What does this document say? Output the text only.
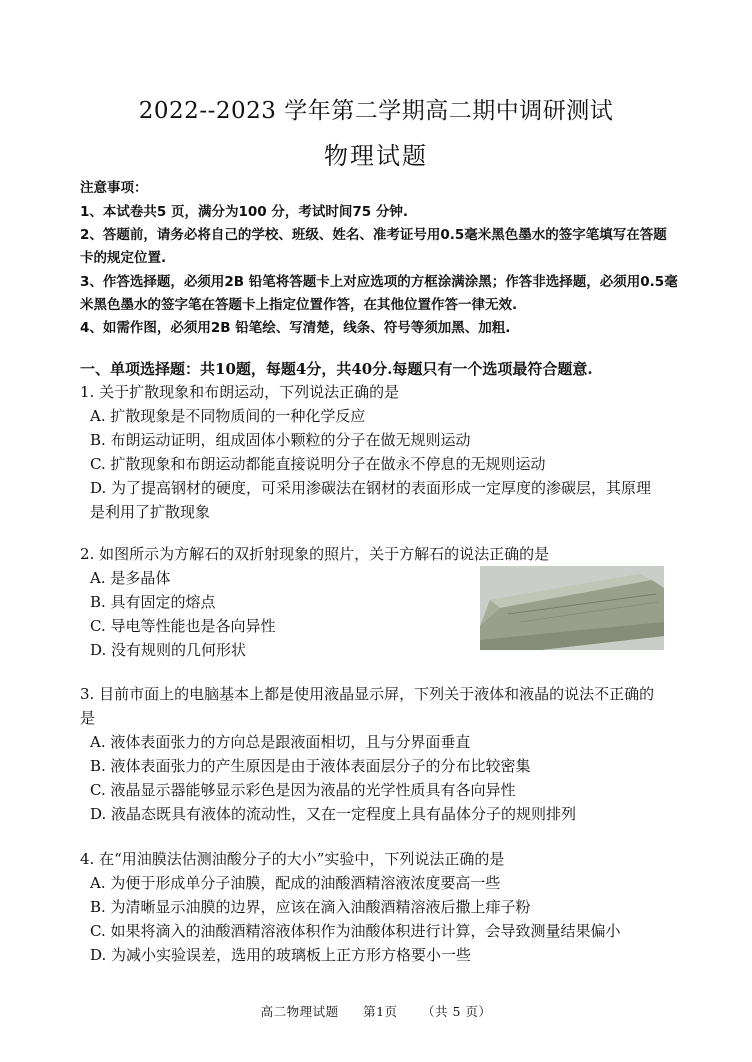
2022--2023 学年第二学期高二期中调研测试
物理试题
注意事项：
1、本试卷共5 页，满分为100 分，考试时间75 分钟.
2、答题前，请务必将自己的学校、班级、姓名、准考证号用0.5毫米黑色墨水的签字笔填写在答题
卡的规定位置.
3、作答选择题，必须用2B 铅笔将答题卡上对应选项的方框涂满涂黑；作答非选择题，必须用0.5毫
米黑色墨水的签字笔在答题卡上指定位置作答，在其他位置作答一律无效.
4、如需作图，必须用2B 铅笔绘、写清楚，线条、符号等须加黑、加粗.
一、单项选择题：共10题，每题4分，共40分.每题只有一个选项最符合题意.
1. 关于扩散现象和布朗运动，下列说法正确的是
A. 扩散现象是不同物质间的一种化学反应
B. 布朗运动证明，组成固体小颗粒的分子在做无规则运动
C. 扩散现象和布朗运动都能直接说明分子在做永不停息的无规则运动
D. 为了提高钢材的硬度，可采用渗碳法在钢材的表面形成一定厚度的渗碳层，其原理
是利用了扩散现象
2. 如图所示为方解石的双折射现象的照片，关于方解石的说法正确的是
A. 是多晶体
B. 具有固定的熔点
C. 导电等性能也是各向异性
D. 没有规则的几何形状
3. 目前市面上的电脑基本上都是使用液晶显示屏，下列关于液体和液晶的说法不正确的
是
A. 液体表面张力的方向总是跟液面相切，且与分界面垂直
B. 液体表面张力的产生原因是由于液体表面层分子的分布比较密集
C. 液晶显示器能够显示彩色是因为液晶的光学性质具有各向异性
D. 液晶态既具有液体的流动性，又在一定程度上具有晶体分子的规则排列
4. 在“用油膜法估测油酸分子的大小”实验中，下列说法正确的是
A. 为便于形成单分子油膜，配成的油酸酒精溶液浓度要高一些
B. 为清晰显示油膜的边界，应该在滴入油酸酒精溶液后撒上痱子粉
C. 如果将滴入的油酸酒精溶液体积作为油酸体积进行计算，会导致测量结果偏小
D. 为减小实验误差，选用的玻璃板上正方形方格要小一些
高二物理试题 第1页 （共 5 页）
